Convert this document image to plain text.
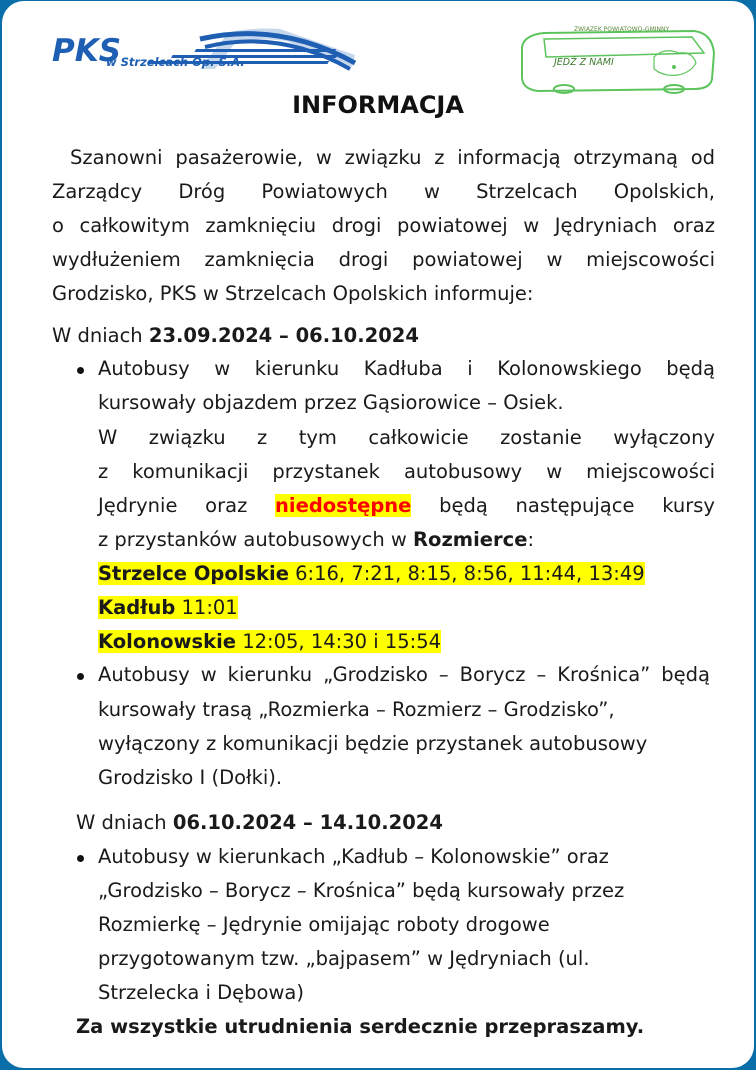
PKS
w Strzelcach Op. S.A.
ZWIĄZEK POWIATOWO-GMINNY
JEDŹ Z NAMI
INFORMACJA
Szanowni pasażerowie, w związku z informacją otrzymaną od
Zarządcy Dróg Powiatowych w Strzelcach Opolskich,
o całkowitym zamknięciu drogi powiatowej w Jędryniach oraz
wydłużeniem zamknięcia drogi powiatowej w miejscowości
Grodzisko, PKS w Strzelcach Opolskich informuje:
W dniach 23.09.2024 – 06.10.2024
Autobusy w kierunku Kadłuba i Kolonowskiego będą
kursowały objazdem przez Gąsiorowice – Osiek.
W związku z tym całkowicie zostanie wyłączony
z komunikacji przystanek autobusowy w miejscowości
Jędrynie oraz niedostępne będą następujące kursy
z przystanków autobusowych w Rozmierce:
Strzelce Opolskie 6:16, 7:21, 8:15, 8:56, 11:44, 13:49
Kadłub 11:01
Kolonowskie 12:05, 14:30 i 15:54
Autobusy w kierunku „Grodzisko – Borycz – Krośnica” będą
kursowały trasą „Rozmierka – Rozmierz – Grodzisko”,
wyłączony z komunikacji będzie przystanek autobusowy
Grodzisko I (Dołki).
W dniach 06.10.2024 – 14.10.2024
Autobusy w kierunkach „Kadłub – Kolonowskie” oraz
„Grodzisko – Borycz – Krośnica” będą kursowały przez
Rozmierkę – Jędrynie omijając roboty drogowe
przygotowanym tzw. „bajpasem” w Jędryniach (ul.
Strzelecka i Dębowa)
Za wszystkie utrudnienia serdecznie przepraszamy.
